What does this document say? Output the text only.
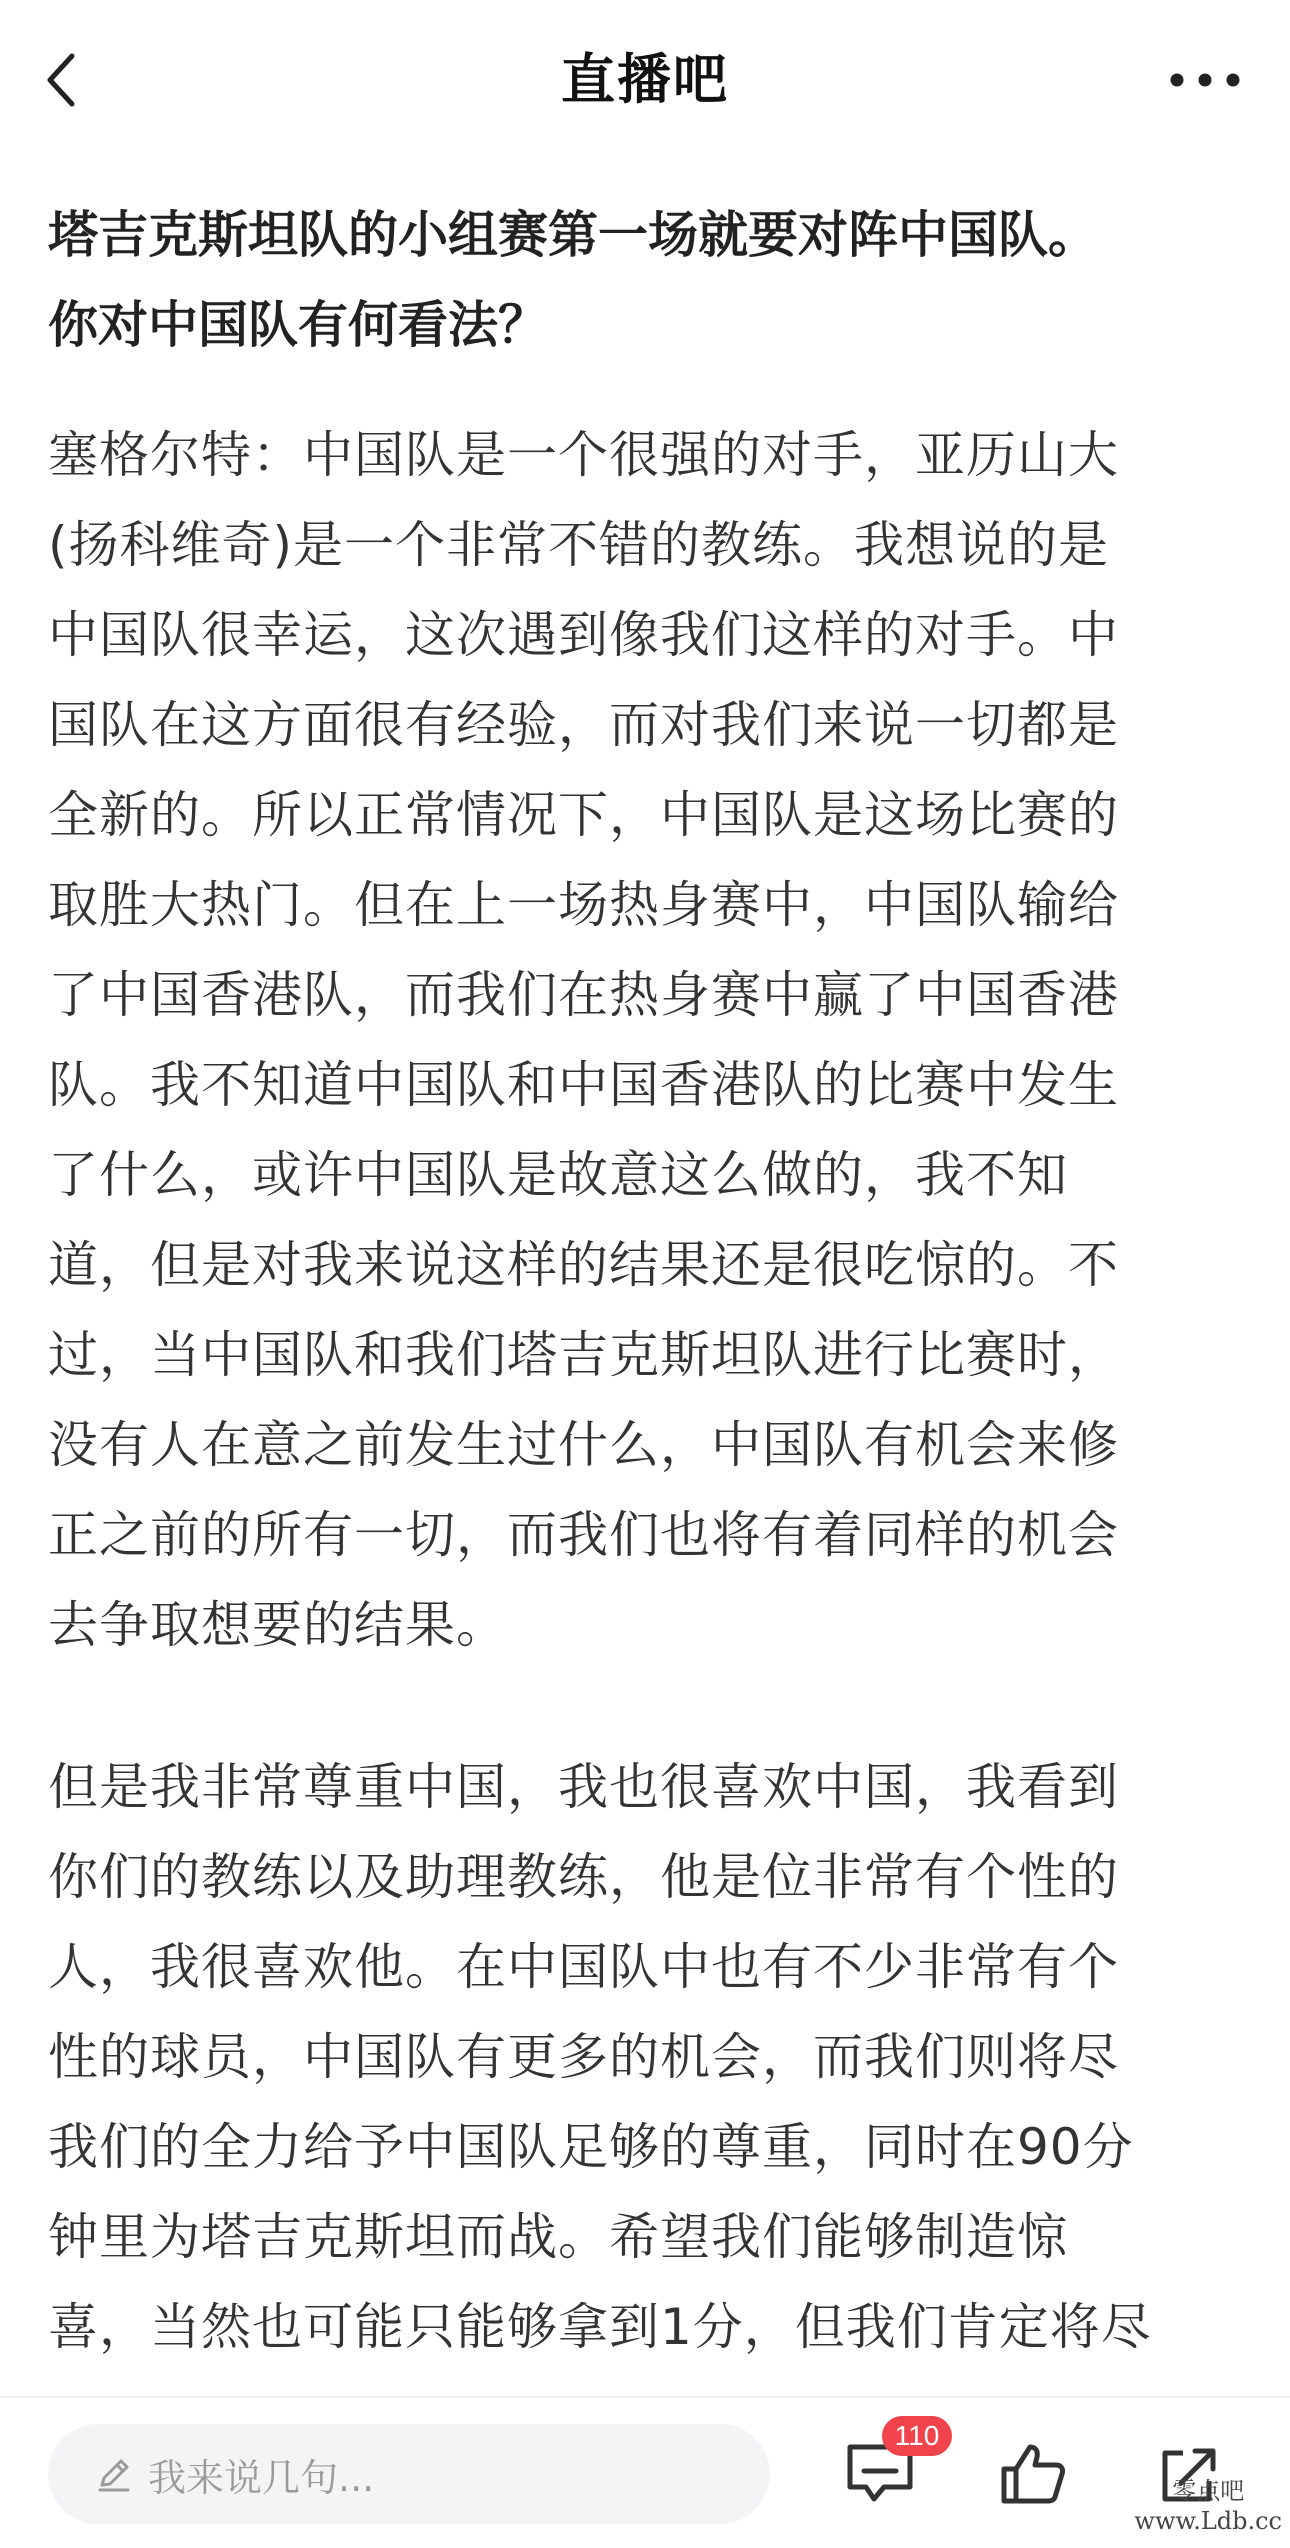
直播吧

塔吉克斯坦队的小组赛第一场就要对阵中国队。
你对中国队有何看法？

塞格尔特：中国队是一个很强的对手，亚历山大
(扬科维奇)是一个非常不错的教练。我想说的是
中国队很幸运，这次遇到像我们这样的对手。中
国队在这方面很有经验，而对我们来说一切都是
全新的。所以正常情况下，中国队是这场比赛的
取胜大热门。但在上一场热身赛中，中国队输给
了中国香港队，而我们在热身赛中赢了中国香港
队。我不知道中国队和中国香港队的比赛中发生
了什么，或许中国队是故意这么做的，我不知
道，但是对我来说这样的结果还是很吃惊的。不
过，当中国队和我们塔吉克斯坦队进行比赛时，
没有人在意之前发生过什么，中国队有机会来修
正之前的所有一切，而我们也将有着同样的机会
去争取想要的结果。

但是我非常尊重中国，我也很喜欢中国，我看到
你们的教练以及助理教练，他是位非常有个性的
人，我很喜欢他。在中国队中也有不少非常有个
性的球员，中国队有更多的机会，而我们则将尽
我们的全力给予中国队足够的尊重，同时在90分
钟里为塔吉克斯坦而战。希望我们能够制造惊
喜，当然也可能只能够拿到1分，但我们肯定将尽

我来说几句...
110
零点吧
www.Ldb.cc
